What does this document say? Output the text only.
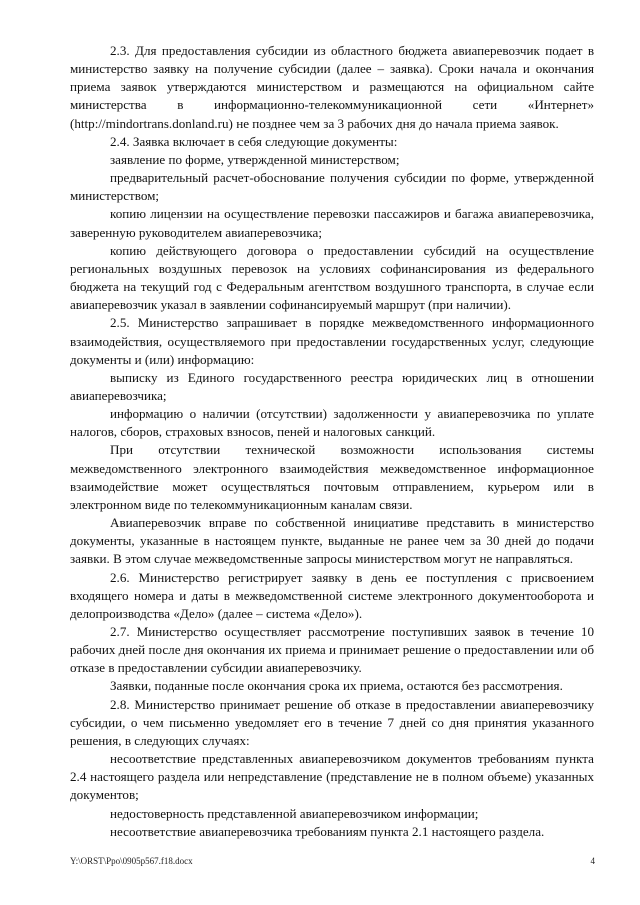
2.3. Для предоставления субсидии из областного бюджета авиаперевозчик подает в министерство заявку на получение субсидии (далее – заявка). Сроки начала и окончания приема заявок утверждаются министерством и размещаются на официальном сайте министерства в информационно-телекоммуникационной сети «Интернет» (http://mindortrans.donland.ru) не позднее чем за 3 рабочих дня до начала приема заявок.

2.4. Заявка включает в себя следующие документы:

заявление по форме, утвержденной министерством;

предварительный расчет-обоснование получения субсидии по форме, утвержденной министерством;

копию лицензии на осуществление перевозки пассажиров и багажа авиаперевозчика, заверенную руководителем авиаперевозчика;

копию действующего договора о предоставлении субсидий на осуществление региональных воздушных перевозок на условиях софинансирования из федерального бюджета на текущий год с Федеральным агентством воздушного транспорта, в случае если авиаперевозчик указал в заявлении софинансируемый маршрут (при наличии).

2.5. Министерство запрашивает в порядке межведомственного информационного взаимодействия, осуществляемого при предоставлении государственных услуг, следующие документы и (или) информацию:

выписку из Единого государственного реестра юридических лиц в отношении авиаперевозчика;

информацию о наличии (отсутствии) задолженности у авиаперевозчика по уплате налогов, сборов, страховых взносов, пеней и налоговых санкций.

При отсутствии технической возможности использования системы межведомственного электронного взаимодействия межведомственное информационное взаимодействие может осуществляться почтовым отправлением, курьером или в электронном виде по телекоммуникационным каналам связи.

Авиаперевозчик вправе по собственной инициативе представить в министерство документы, указанные в настоящем пункте, выданные не ранее чем за 30 дней до подачи заявки. В этом случае межведомственные запросы министерством могут не направляться.

2.6. Министерство регистрирует заявку в день ее поступления с присвоением входящего номера и даты в межведомственной системе электронного документооборота и делопроизводства «Дело» (далее – система «Дело»).

2.7. Министерство осуществляет рассмотрение поступивших заявок в течение 10 рабочих дней после дня окончания их приема и принимает решение о предоставлении или об отказе в предоставлении субсидии авиаперевозчику.

Заявки, поданные после окончания срока их приема, остаются без рассмотрения.

2.8. Министерство принимает решение об отказе в предоставлении авиаперевозчику субсидии, о чем письменно уведомляет его в течение 7 дней со дня принятия указанного решения, в следующих случаях:

несоответствие представленных авиаперевозчиком документов требованиям пункта 2.4 настоящего раздела или непредставление (представление не в полном объеме) указанных документов;

недостоверность представленной авиаперевозчиком информации;

несоответствие авиаперевозчика требованиям пункта 2.1 настоящего раздела.

Y:\ORST\Ppo\0905p567.f18.docx	4
